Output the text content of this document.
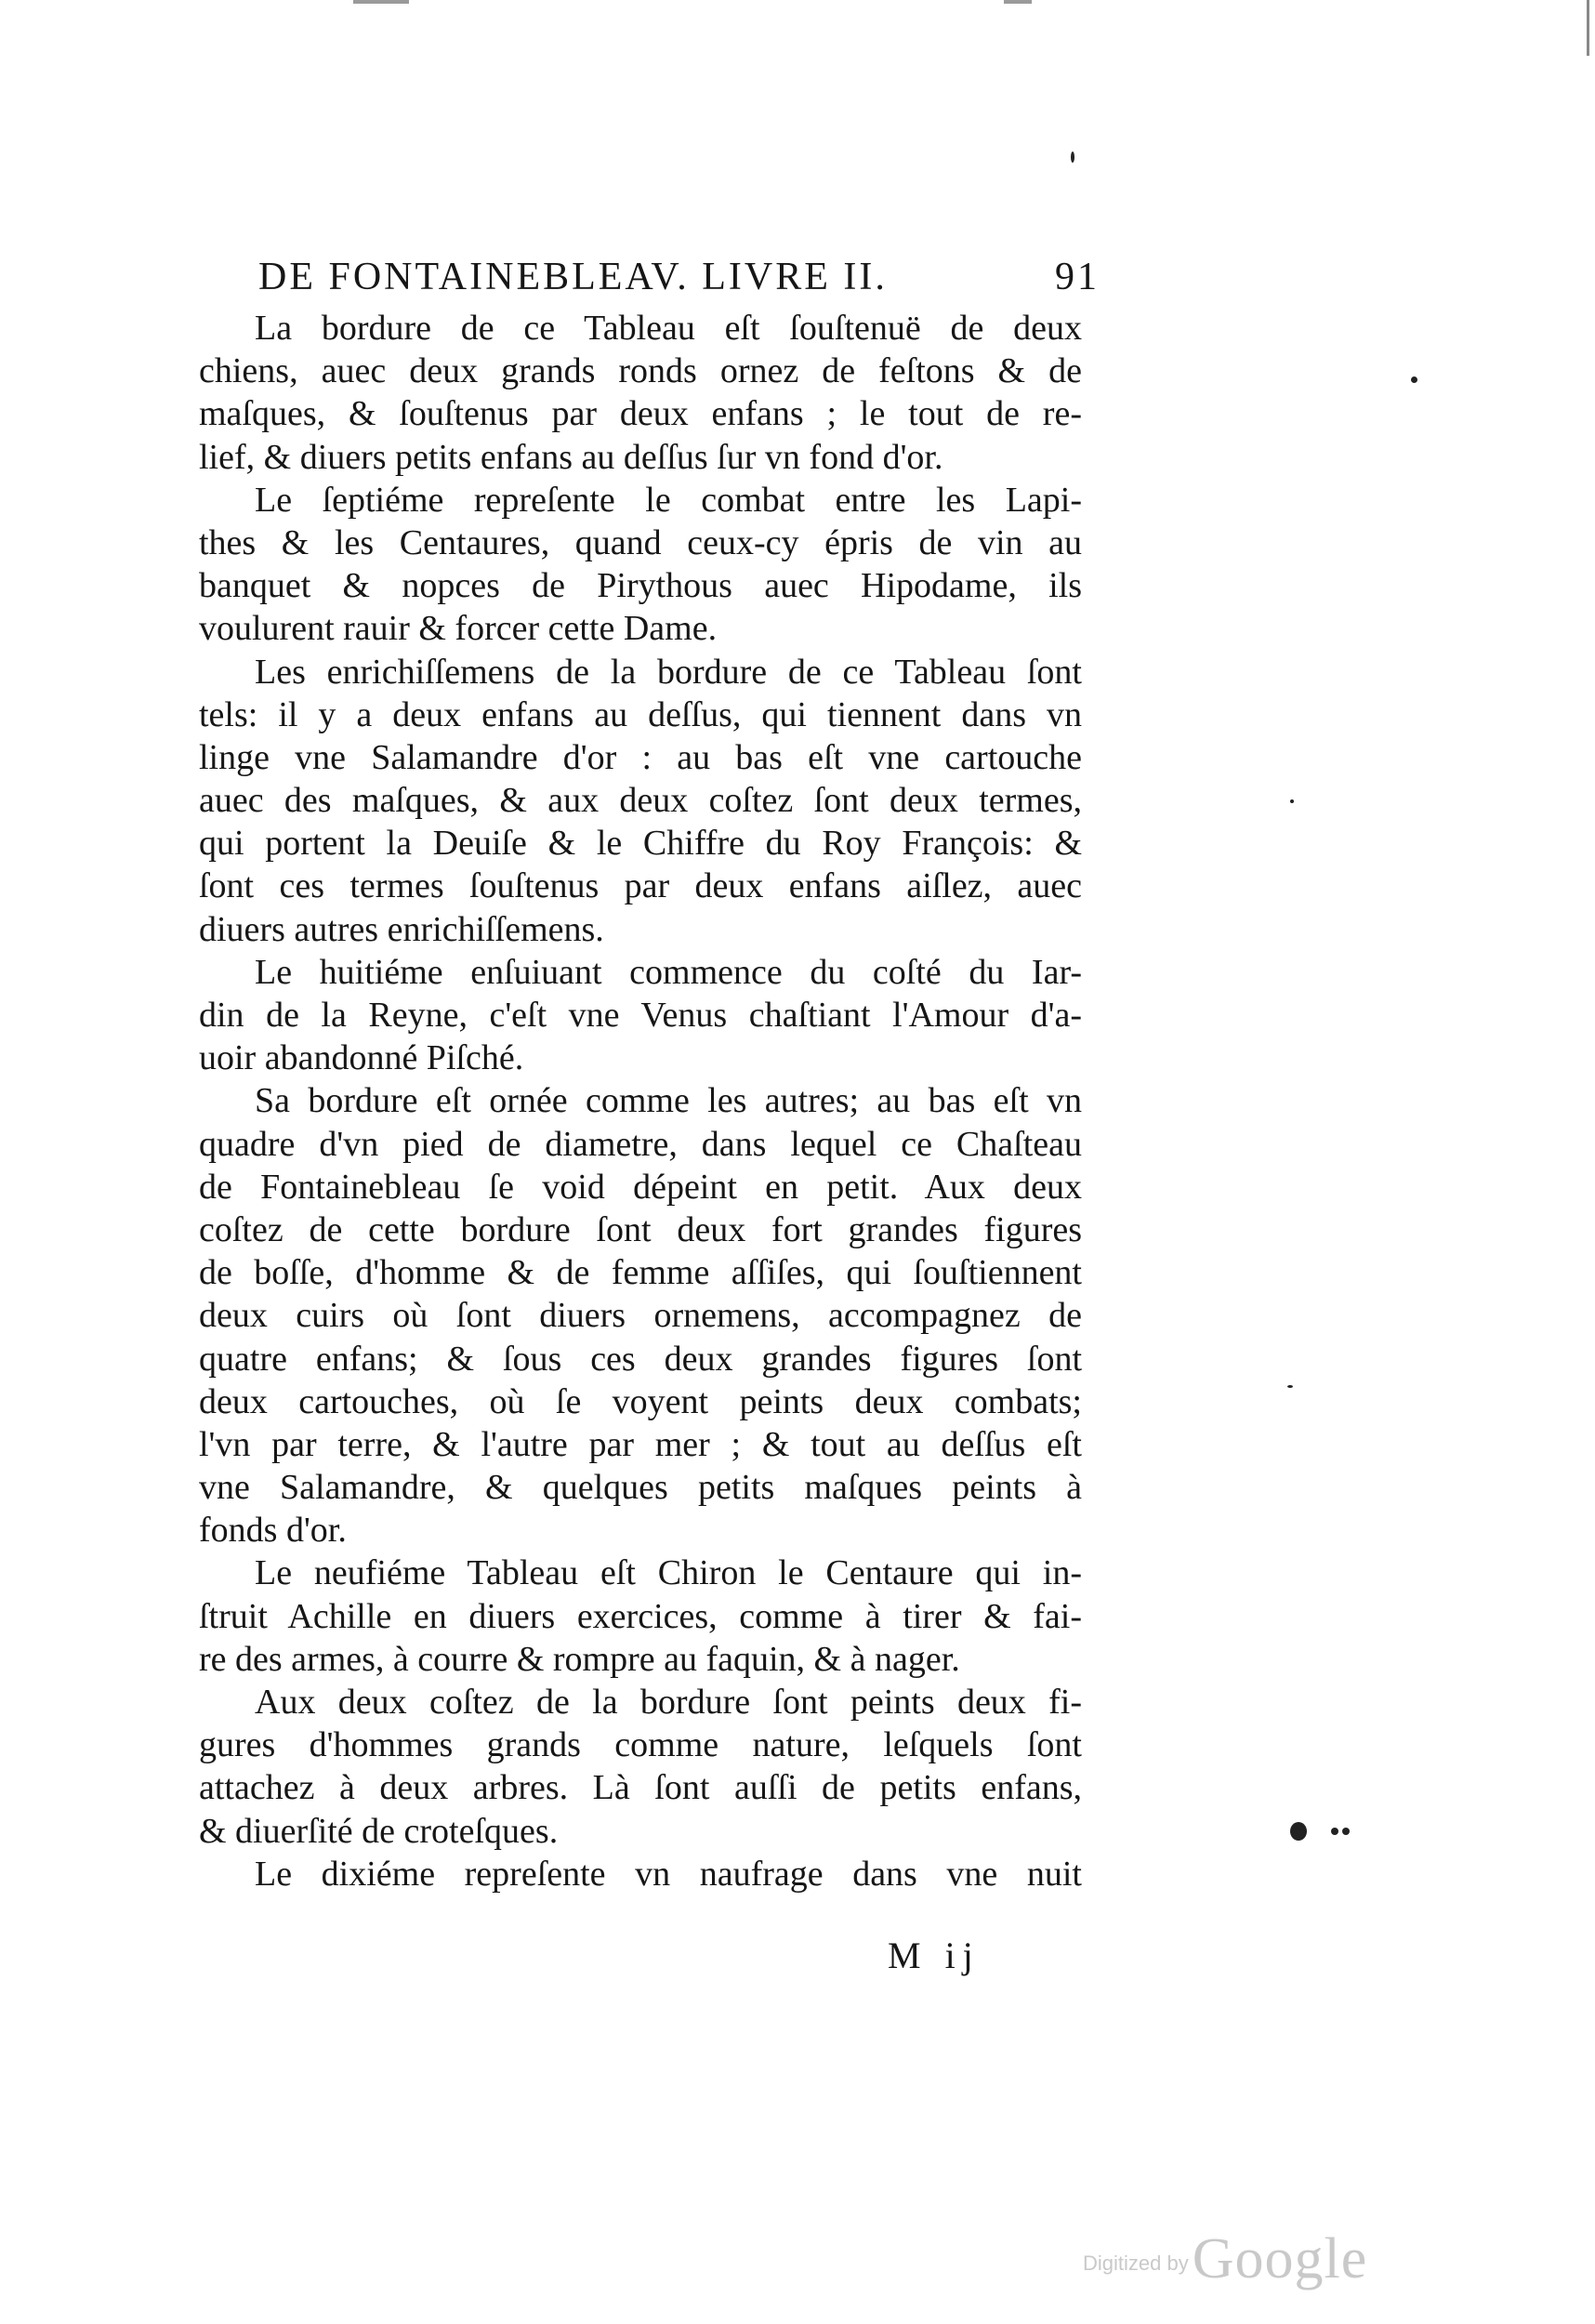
DE FONTAINEBLEAV. LIVRE II.	91
La bordure de ce Tableau eſt ſouſtenuë de deux
chiens, auec deux grands ronds ornez de feſtons & de
maſques, & ſouſtenus par deux enfans ; le tout de re-
lief, & diuers petits enfans au deſſus ſur vn fond d'or.
Le ſeptiéme repreſente le combat entre les Lapi-
thes & les Centaures, quand ceux-cy épris de vin au
banquet & nopces de Pirythous auec Hipodame, ils
voulurent rauir & forcer cette Dame.
Les enrichiſſemens de la bordure de ce Tableau ſont
tels: il y a deux enfans au deſſus, qui tiennent dans vn
linge vne Salamandre d'or : au bas eſt vne cartouche
auec des maſques, & aux deux coſtez ſont deux termes,
qui portent la Deuiſe & le Chiffre du Roy François: &
ſont ces termes ſouſtenus par deux enfans aiſlez, auec
diuers autres enrichiſſemens.
Le huitiéme enſuiuant commence du coſté du Iar-
din de la Reyne, c'eſt vne Venus chaſtiant l'Amour d'a-
uoir abandonné Piſché.
Sa bordure eſt ornée comme les autres; au bas eſt vn
quadre d'vn pied de diametre, dans lequel ce Chaſteau
de Fontainebleau ſe void dépeint en petit. Aux deux
coſtez de cette bordure ſont deux fort grandes figures
de boſſe, d'homme & de femme aſſiſes, qui ſouſtiennent
deux cuirs où ſont diuers ornemens, accompagnez de
quatre enfans; & ſous ces deux grandes figures ſont
deux cartouches, où ſe voyent peints deux combats;
l'vn par terre, & l'autre par mer ; & tout au deſſus eſt
vne Salamandre, & quelques petits maſques peints à
fonds d'or.
Le neufiéme Tableau eſt Chiron le Centaure qui in-
ſtruit Achille en diuers exercices, comme à tirer & fai-
re des armes, à courre & rompre au faquin, & à nager.
Aux deux coſtez de la bordure ſont peints deux fi-
gures d'hommes grands comme nature, leſquels ſont
attachez à deux arbres. Là ſont auſſi de petits enfans,
& diuerſité de croteſques.
Le dixiéme repreſente vn naufrage dans vne nuit
M ij
Digitized by Google
